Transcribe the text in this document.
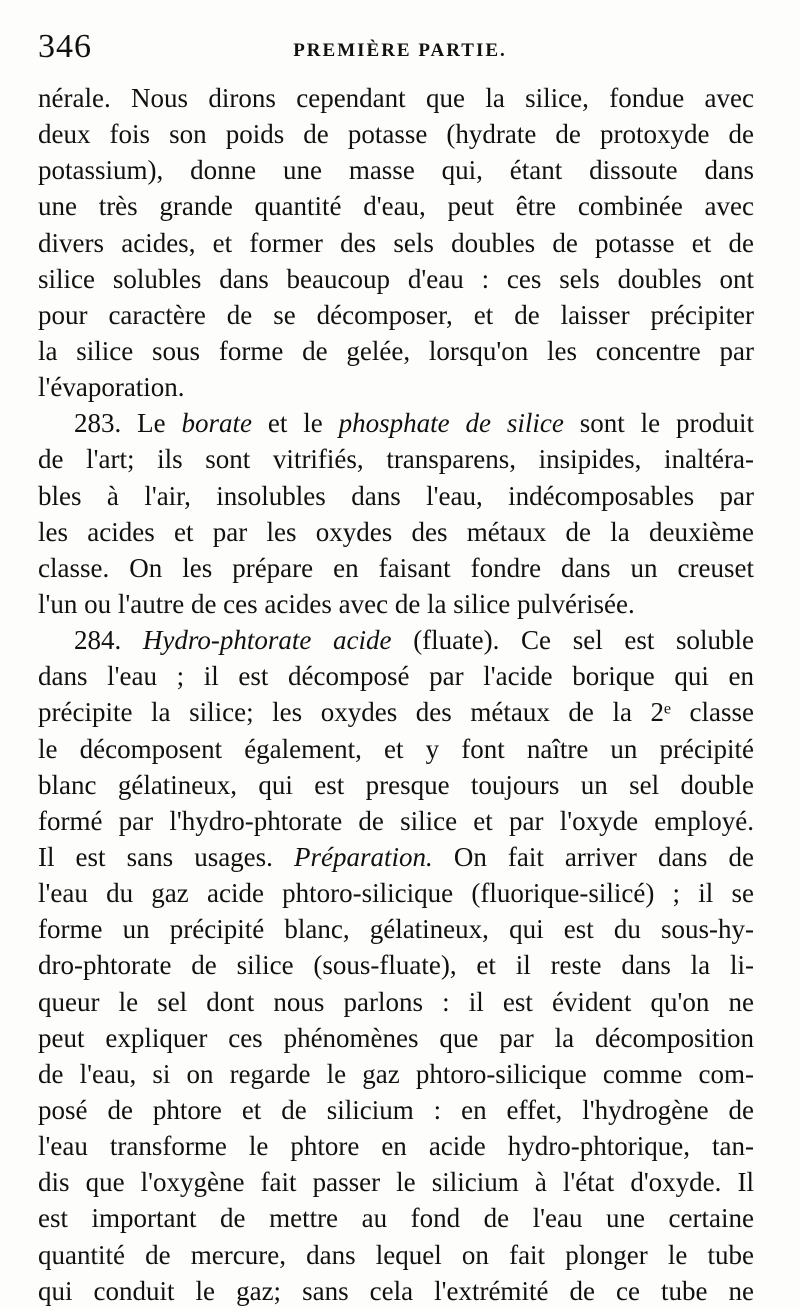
346	PREMIÈRE PARTIE.
nérale. Nous dirons cependant que la silice, fondue avec
deux fois son poids de potasse (hydrate de protoxyde de
potassium), donne une masse qui, étant dissoute dans
une très grande quantité d'eau, peut être combinée avec
divers acides, et former des sels doubles de potasse et de
silice solubles dans beaucoup d'eau : ces sels doubles ont
pour caractère de se décomposer, et de laisser précipiter
la silice sous forme de gelée, lorsqu'on les concentre par
l'évaporation.
283. Le borate et le phosphate de silice sont le produit
de l'art; ils sont vitrifiés, transparens, insipides, inaltéra-
bles à l'air, insolubles dans l'eau, indécomposables par
les acides et par les oxydes des métaux de la deuxième
classe. On les prépare en faisant fondre dans un creuset
l'un ou l'autre de ces acides avec de la silice pulvérisée.
284. Hydro-phtorate acide (fluate). Ce sel est soluble
dans l'eau ; il est décomposé par l'acide borique qui en
précipite la silice; les oxydes des métaux de la 2ᵉ classe
le décomposent également, et y font naître un précipité
blanc gélatineux, qui est presque toujours un sel double
formé par l'hydro-phtorate de silice et par l'oxyde employé.
Il est sans usages. Préparation. On fait arriver dans de
l'eau du gaz acide phtoro-silicique (fluorique-silicé) ; il se
forme un précipité blanc, gélatineux, qui est du sous-hy-
dro-phtorate de silice (sous-fluate), et il reste dans la li-
queur le sel dont nous parlons : il est évident qu'on ne
peut expliquer ces phénomènes que par la décomposition
de l'eau, si on regarde le gaz phtoro-silicique comme com-
posé de phtore et de silicium : en effet, l'hydrogène de
l'eau transforme le phtore en acide hydro-phtorique, tan-
dis que l'oxygène fait passer le silicium à l'état d'oxyde. Il
est important de mettre au fond de l'eau une certaine
quantité de mercure, dans lequel on fait plonger le tube
qui conduit le gaz; sans cela l'extrémité de ce tube ne
